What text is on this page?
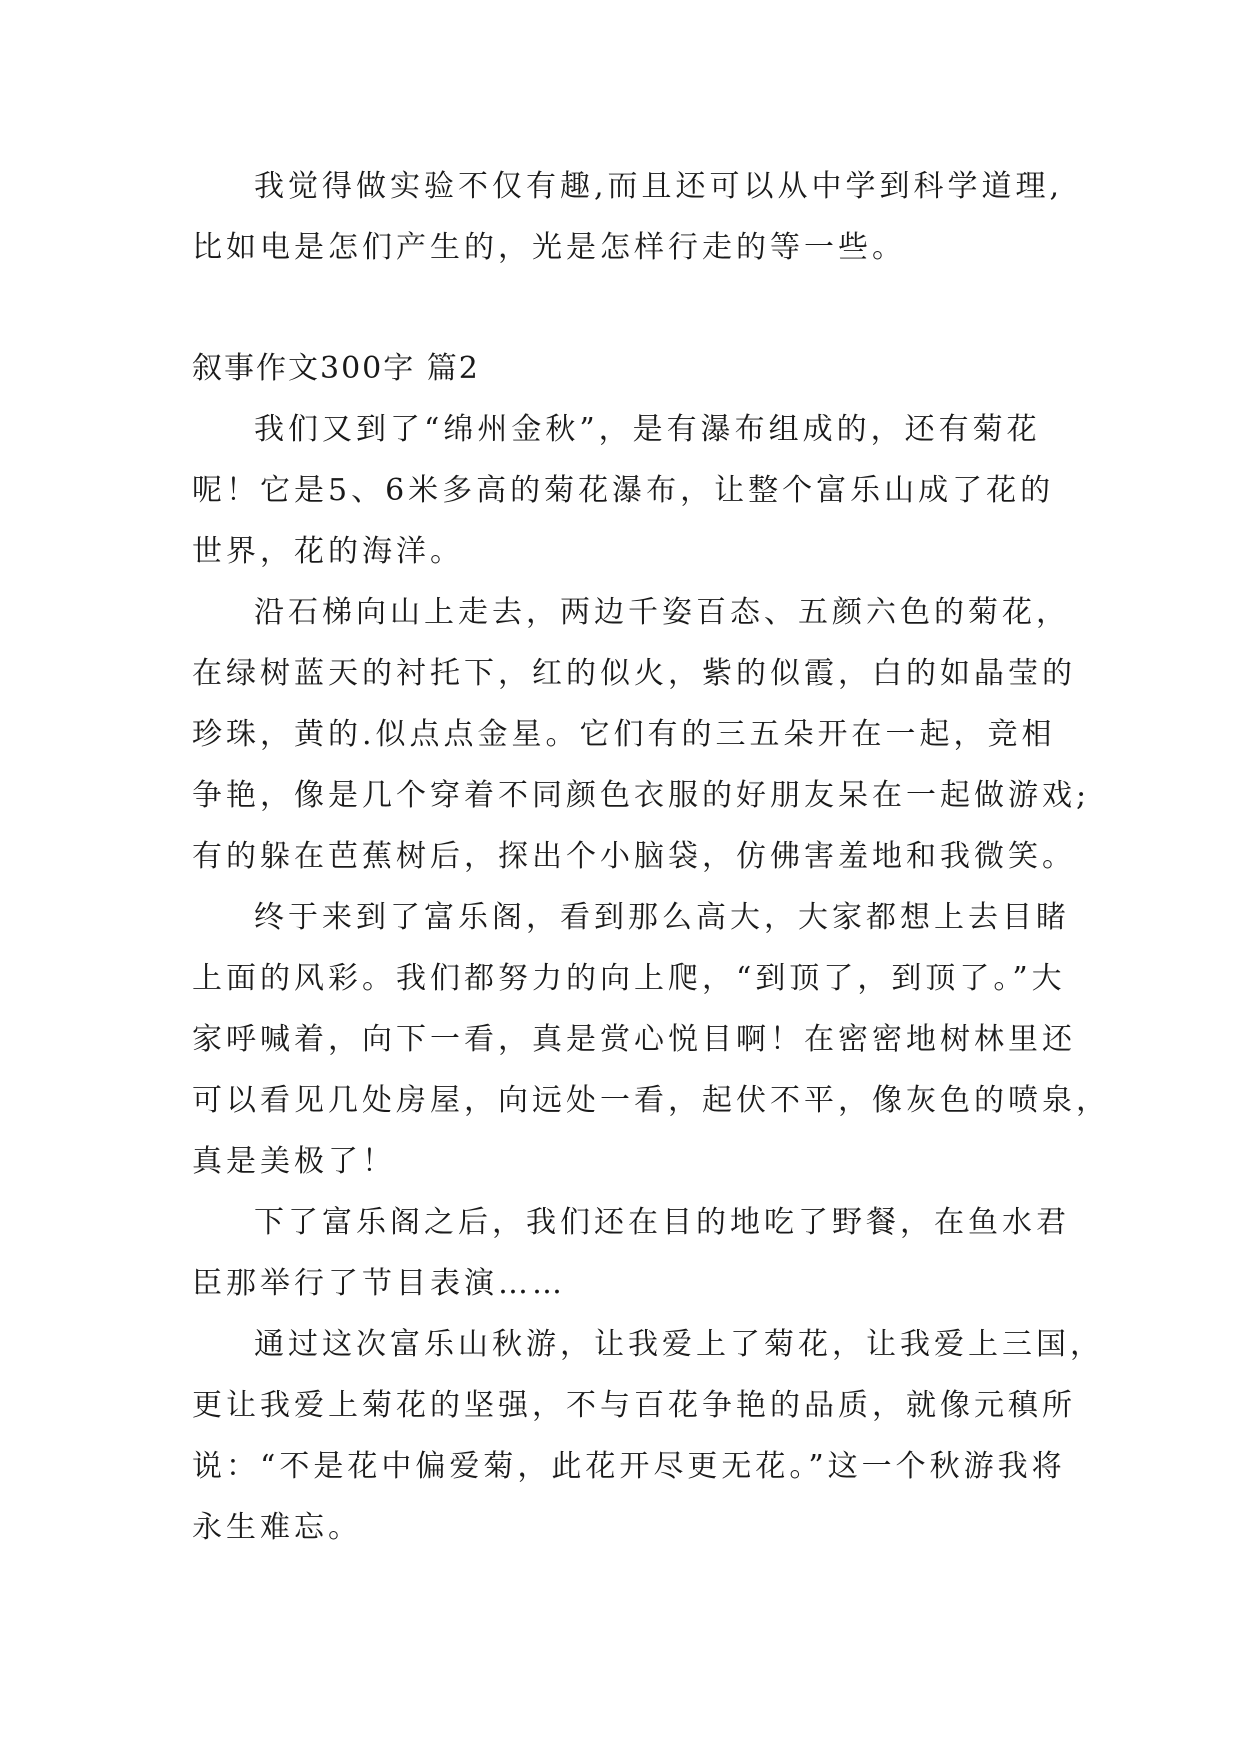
我觉得做实验不仅有趣,而且还可以从中学到科学道理,
比如电是怎们产生的，光是怎样行走的等一些。
叙事作文300字 篇2
我们又到了“绵州金秋”，是有瀑布组成的，还有菊花
呢！它是5、6米多高的菊花瀑布，让整个富乐山成了花的
世界，花的海洋。
沿石梯向山上走去，两边千姿百态、五颜六色的菊花，
在绿树蓝天的衬托下，红的似火，紫的似霞，白的如晶莹的
珍珠，黄的.似点点金星。它们有的三五朵开在一起，竞相
争艳，像是几个穿着不同颜色衣服的好朋友呆在一起做游戏;
有的躲在芭蕉树后，探出个小脑袋，仿佛害羞地和我微笑。
终于来到了富乐阁，看到那么高大，大家都想上去目睹
上面的风彩。我们都努力的向上爬，“到顶了，到顶了。”大
家呼喊着，向下一看，真是赏心悦目啊！在密密地树林里还
可以看见几处房屋，向远处一看，起伏不平，像灰色的喷泉，
真是美极了！
下了富乐阁之后，我们还在目的地吃了野餐，在鱼水君
臣那举行了节目表演……
通过这次富乐山秋游，让我爱上了菊花，让我爱上三国，
更让我爱上菊花的坚强，不与百花争艳的品质，就像元稹所
说：“不是花中偏爱菊，此花开尽更无花。”这一个秋游我将
永生难忘。
